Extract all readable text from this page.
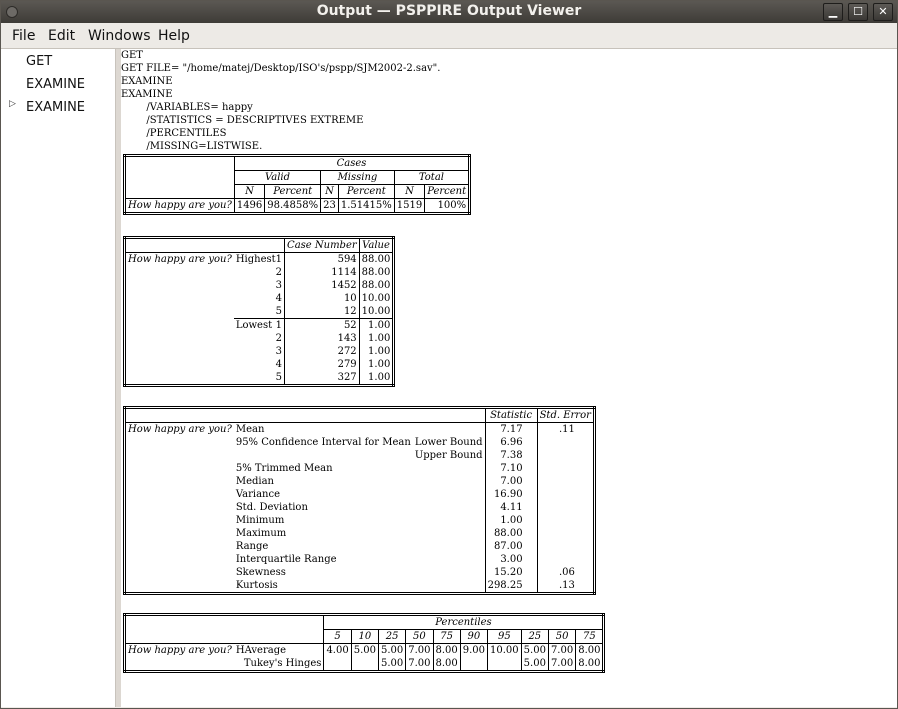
Output — PSPPIRE Output Viewer	▁	☐	✕
File Edit Windows Help
GET
EXAMINE
▷ EXAMINE
GET
GET FILE= "/home/matej/Desktop/ISO's/pspp/SJM2002-2.sav".
EXAMINE
EXAMINE
/VARIABLES= happy
/STATISTICS = DESCRIPTIVES EXTREME
/PERCENTILES
/MISSING=LISTWISE.
	Cases					
	Valid		Missing		Total	
	N	Percent	N	Percent	N	Percent
How happy are you?	1496	98.4858%	23	1.51415%	1519	100%
		Case Number	Value
How happy are you?	Highest 1	594	88.00
	2	1114	88.00
	3	1452	88.00
	4	10	10.00
	5	12	10.00

	Lowest 1	52	1.00
	2	143	1.00
	3	272	1.00
	4	279	1.00
	5	327	1.00
			Statistic	Std. Error
How happy are you?	Mean		7.17	.11
	95% Confidence Interval for Mean	Lower Bound	6.96	
		Upper Bound	7.38	
	5% Trimmed Mean		7.10	
	Median		7.00	
	Variance		16.90	
	Std. Deviation		4.11	
	Minimum		1.00	
	Maximum		88.00	
	Range		87.00	
	Interquartile Range		3.00	
	Skewness		15.20	.06
	Kurtosis		298.25	.13
		Percentiles									
		5	10	25	50	75	90	95	25	50	75
How happy are you?	HAverage	4.00	5.00	5.00	7.00	8.00	9.00	10.00	5.00	7.00	8.00
	Tukey's Hinges			5.00	7.00	8.00			5.00	7.00	8.00
